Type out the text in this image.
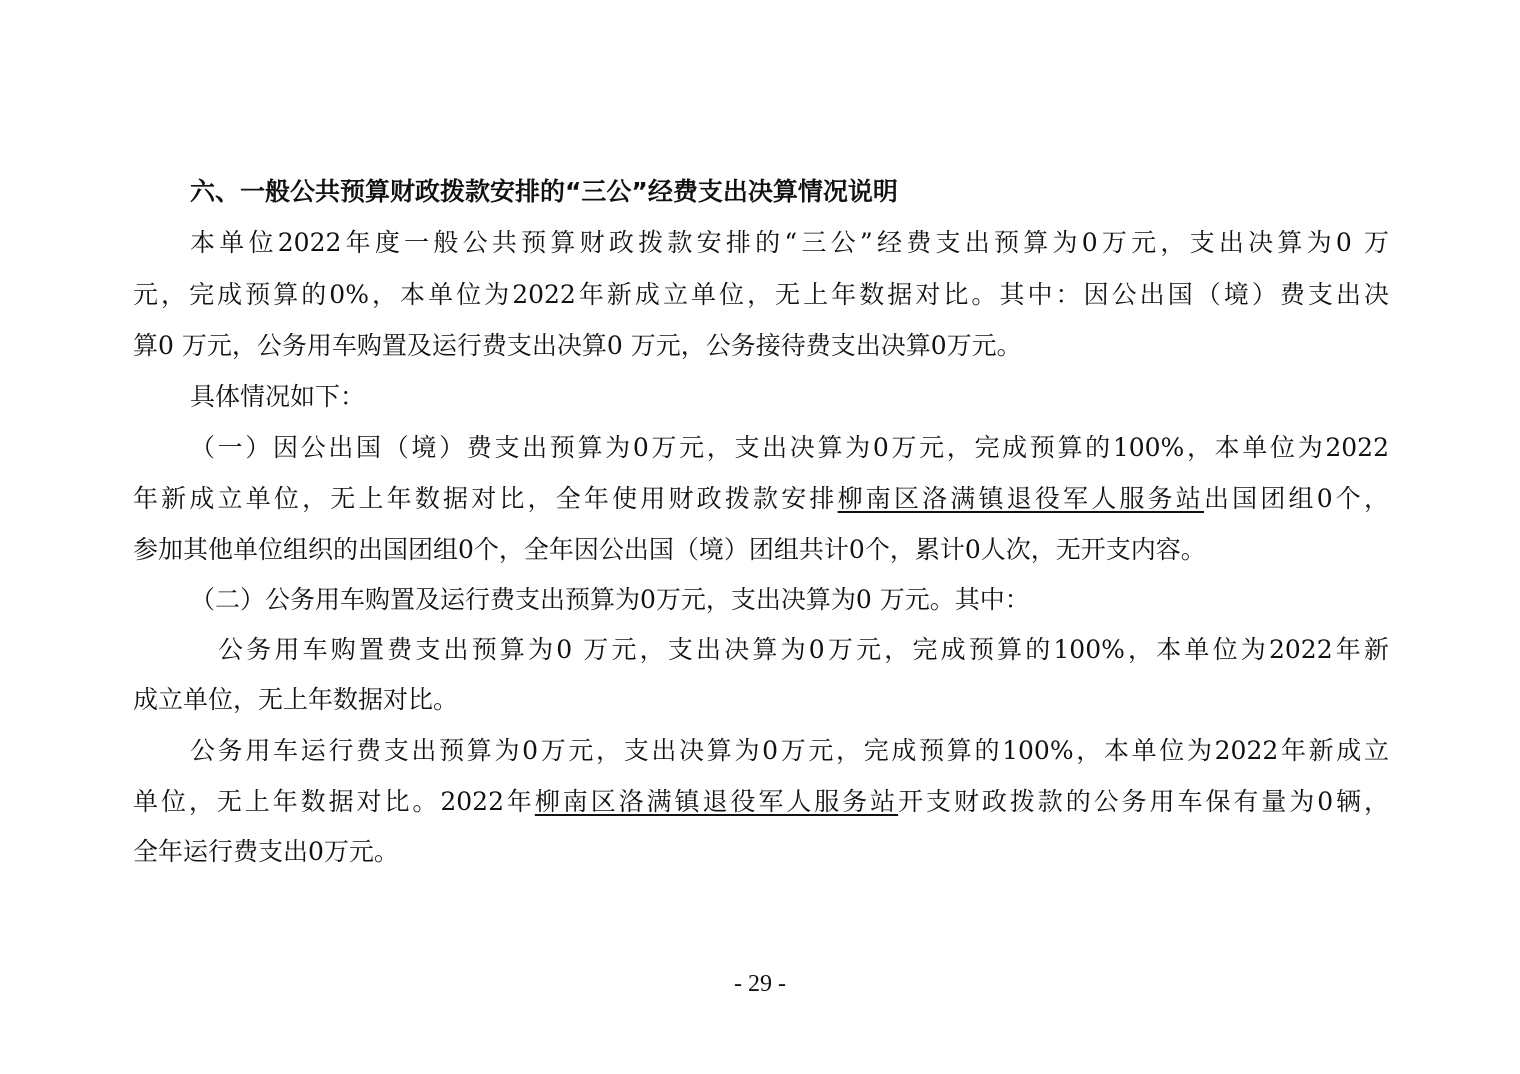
六、一般公共预算财政拨款安排的“三公”经费支出决算情况说明
本单位2022年度一般公共预算财政拨款安排的“三公”经费支出预算为0万元，支出决算为0 万
元，完成预算的0%，本单位为2022年新成立单位，无上年数据对比。其中：因公出国（境）费支出决
算0 万元，公务用车购置及运行费支出决算0 万元，公务接待费支出决算0万元。
具体情况如下：
（一）因公出国（境）费支出预算为0万元，支出决算为0万元，完成预算的100%，本单位为2022
年新成立单位，无上年数据对比，全年使用财政拨款安排柳南区洛满镇退役军人服务站出国团组0个，
参加其他单位组织的出国团组0个，全年因公出国（境）团组共计0个，累计0人次，无开支内容。
（二）公务用车购置及运行费支出预算为0万元，支出决算为0 万元。其中：
公务用车购置费支出预算为0 万元，支出决算为0万元，完成预算的100%，本单位为2022年新
成立单位，无上年数据对比。
公务用车运行费支出预算为0万元，支出决算为0万元，完成预算的100%，本单位为2022年新成立
单位，无上年数据对比。2022年柳南区洛满镇退役军人服务站开支财政拨款的公务用车保有量为0辆，
全年运行费支出0万元。
- 29 -
